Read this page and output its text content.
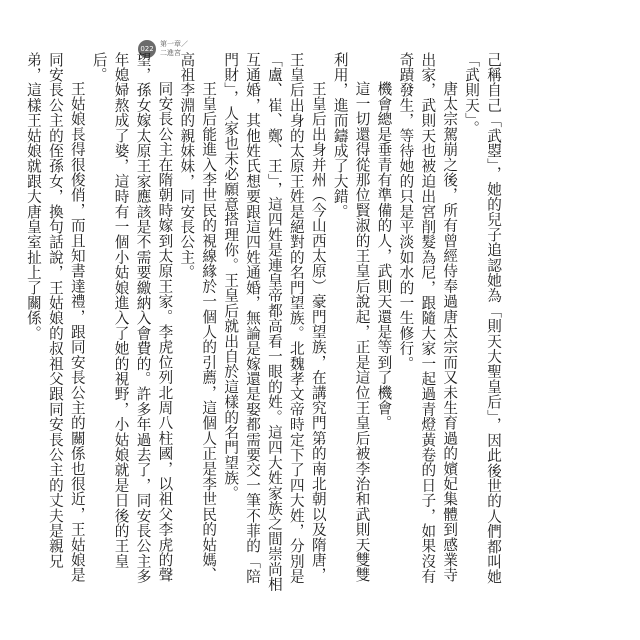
022
第一章／
二進宮	己稱自己「武曌」，她的兒子追認她為「則天大聖皇后」，因此後世的人們都叫她「武則天」。

唐太宗駕崩之後，所有曾經侍奉過唐太宗而又未生育過的嬪妃集體到感業寺出家，武則天也被迫出宮削髮為尼，跟隨大家一起過青燈黃卷的日子，如果沒有奇蹟發生，等待她的只是平淡如水的一生修行。

機會總是垂青有準備的人，武則天還是等到了機會。

這一切還得從那位賢淑的王皇后說起，正是這位王皇后被李治和武則天雙雙利用，進而鑄成了大錯。

王皇后出身并州（今山西太原）豪門望族，在講究門第的南北朝以及隋唐，王皇后出身的太原王姓是絕對的名門望族。北魏孝文帝時定下了四大姓，分別是「盧、崔、鄭、王」，這四姓是連皇帝都高看一眼的姓。這四大姓家族之間崇尚相互通婚，其他姓氏想要跟這四姓通婚，無論是嫁還是娶都需要交一筆不菲的「陪門財」，人家也未必願意搭理你。王皇后就出自於這樣的名門望族。

王皇后能進入李世民的視線緣於一個人的引薦，這個人正是李世民的姑媽、高祖李淵的親妹妹，同安長公主。

同安長公主在隋朝時嫁到太原王家。李虎位列北周八柱國，以祖父李虎的聲望，孫女嫁太原王家應該是不需要繳納入會費的。許多年過去了，同安長公主多年媳婦熬成了婆，這時有一個小姑娘進入了她的視野，小姑娘就是日後的王皇后。

王姑娘長得很俊俏，而且知書達禮，跟同安長公主的關係也很近，王姑娘是同安長公主的侄孫女，換句話說，王姑娘的叔祖父跟同安長公主的丈夫是親兄弟，這樣王姑娘就跟大唐皇室扯上了關係。
